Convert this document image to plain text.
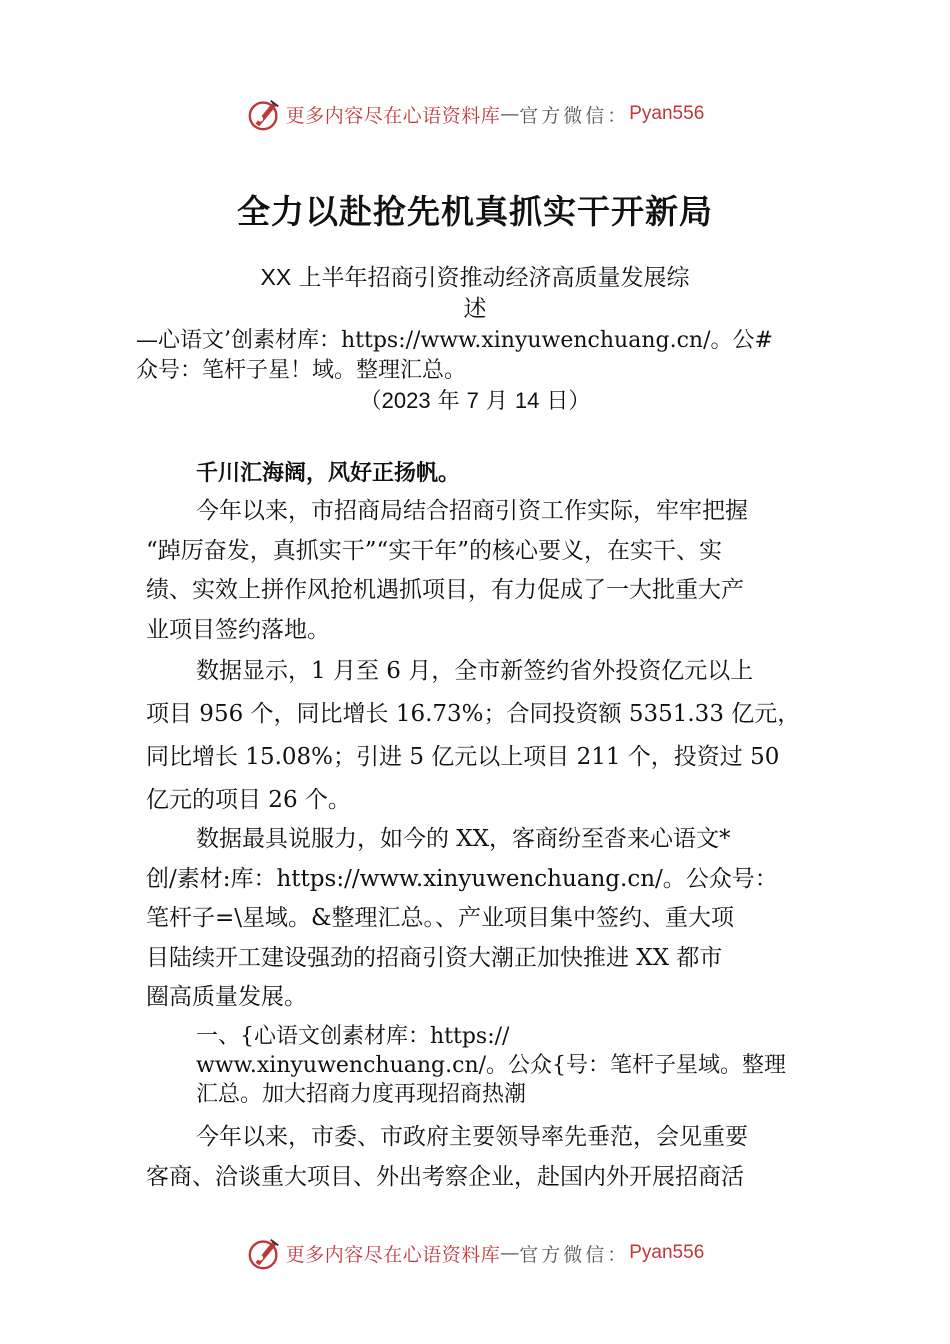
更多内容尽在心语资料库 — 官方微信： Pyan556
全力以赴抢先机真抓实干开新局
XX 上半年招商引资推动经济高质量发展综
述
—心语文’创素材库：https://www.xinyuwenchuang.cn/。公#
众号：笔杆子星！域。整理汇总。
（2023 年 7 月 14 日）
千川汇海阔，风好正扬帆。
今年以来，市招商局结合招商引资工作实际，牢牢把握
“踔厉奋发，真抓实干”“实干年”的核心要义，在实干、实
绩、实效上拼作风抢机遇抓项目，有力促成了一大批重大产
业项目签约落地。
数据显示，1 月至 6 月，全市新签约省外投资亿元以上
项目 956 个，同比增长 16.73%；合同投资额 5351.33 亿元，
同比增长 15.08%；引进 5 亿元以上项目 211 个，投资过 50
亿元的项目 26 个。
数据最具说服力，如今的 XX，客商纷至沓来心语文*
创/素材:库：https://www.xinyuwenchuang.cn/。公众号：
笔杆子=\星域。&整理汇总。、产业项目集中签约、重大项
目陆续开工建设强劲的招商引资大潮正加快推进 XX 都市
圈高质量发展。
一、{心语文创素材库：https://
www.xinyuwenchuang.cn/。公众{号：笔杆子星域。整理
汇总。加大招商力度再现招商热潮
今年以来，市委、市政府主要领导率先垂范，会见重要
客商、洽谈重大项目、外出考察企业，赴国内外开展招商活
更多内容尽在心语资料库 — 官方微信： Pyan556
